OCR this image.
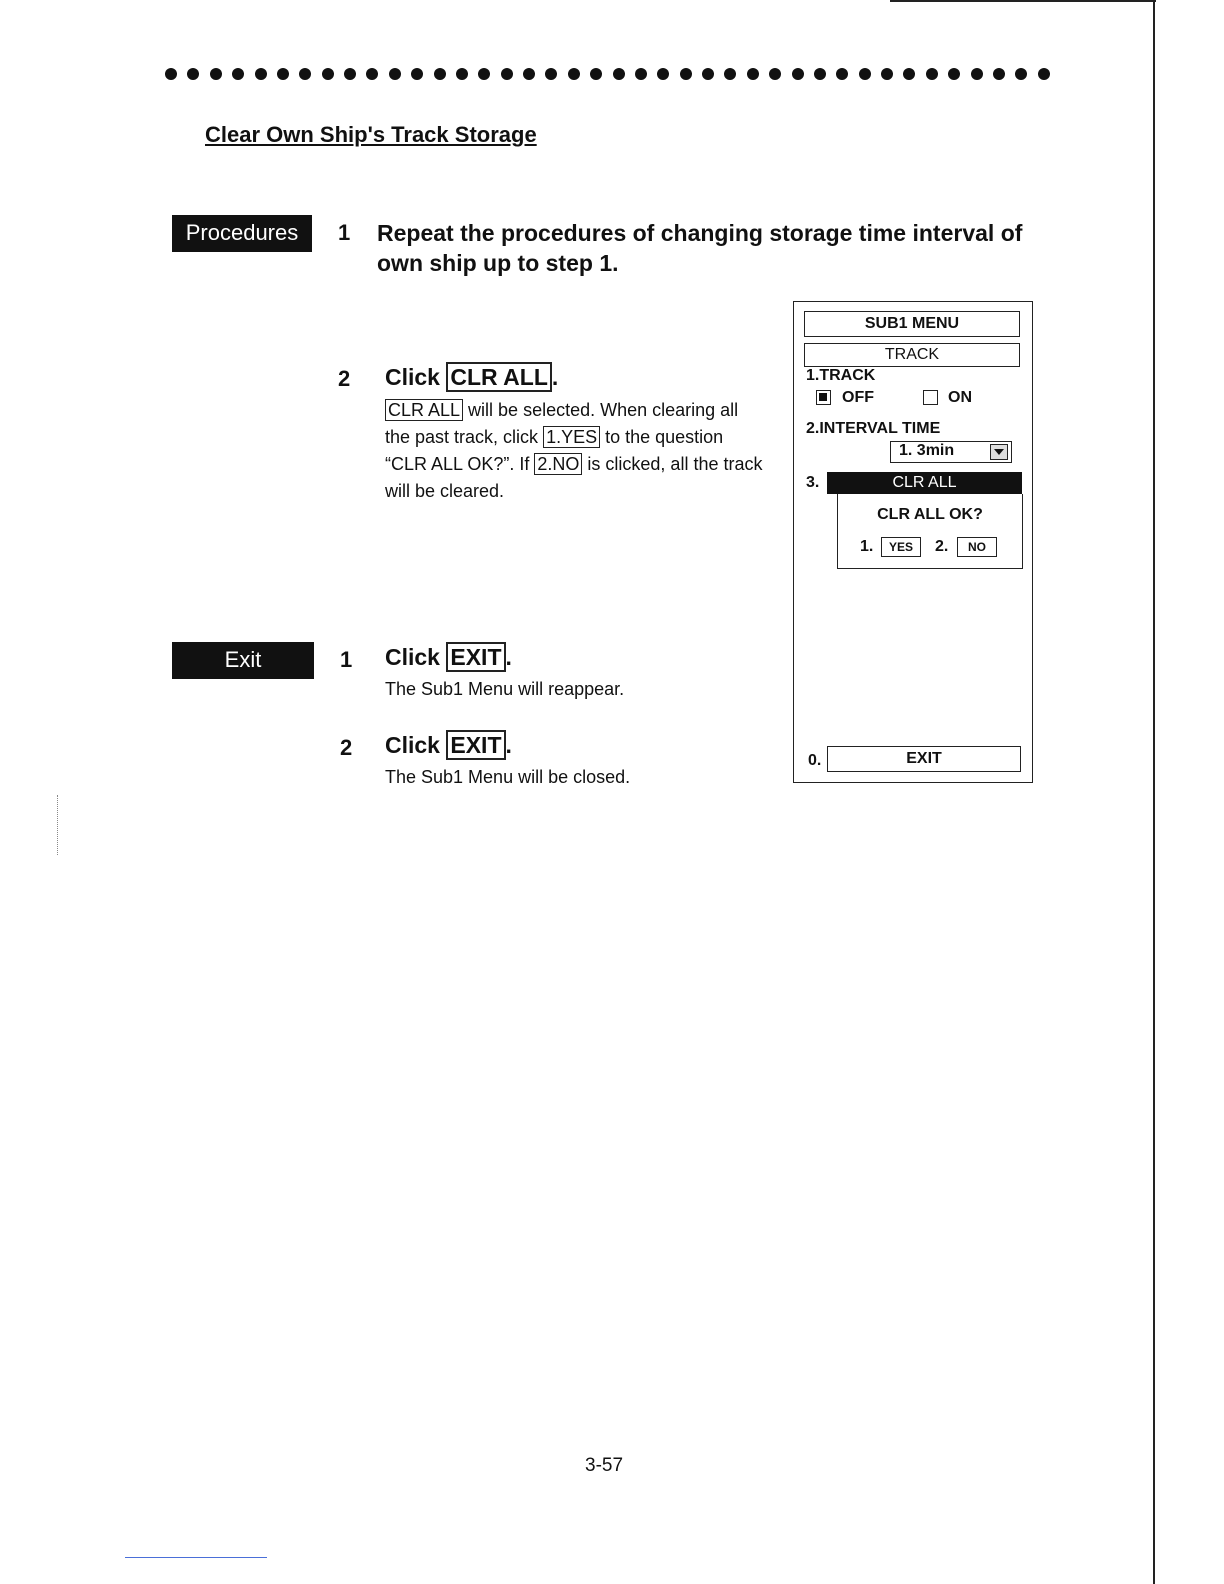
Clear Own Ship's Track Storage
Procedures	1 Repeat the procedures of changing storage time interval of own ship up to step 1.
2 Click CLR ALL .
CLR ALL will be selected. When clearing all the past track, click 1.YES to the question “CLR ALL OK?”. If 2.NO is clicked, all the track will be cleared.
Exit	1 Click EXIT .
The Sub1 Menu will reappear.
2 Click EXIT .
The Sub1 Menu will be closed.
SUB1 MENU
TRACK
1.TRACK
OFF	ON
2.INTERVAL TIME
1. 3min
3.	CLR ALL
CLR ALL OK?
1.	YES	2.	NO
0.	EXIT
3-57
